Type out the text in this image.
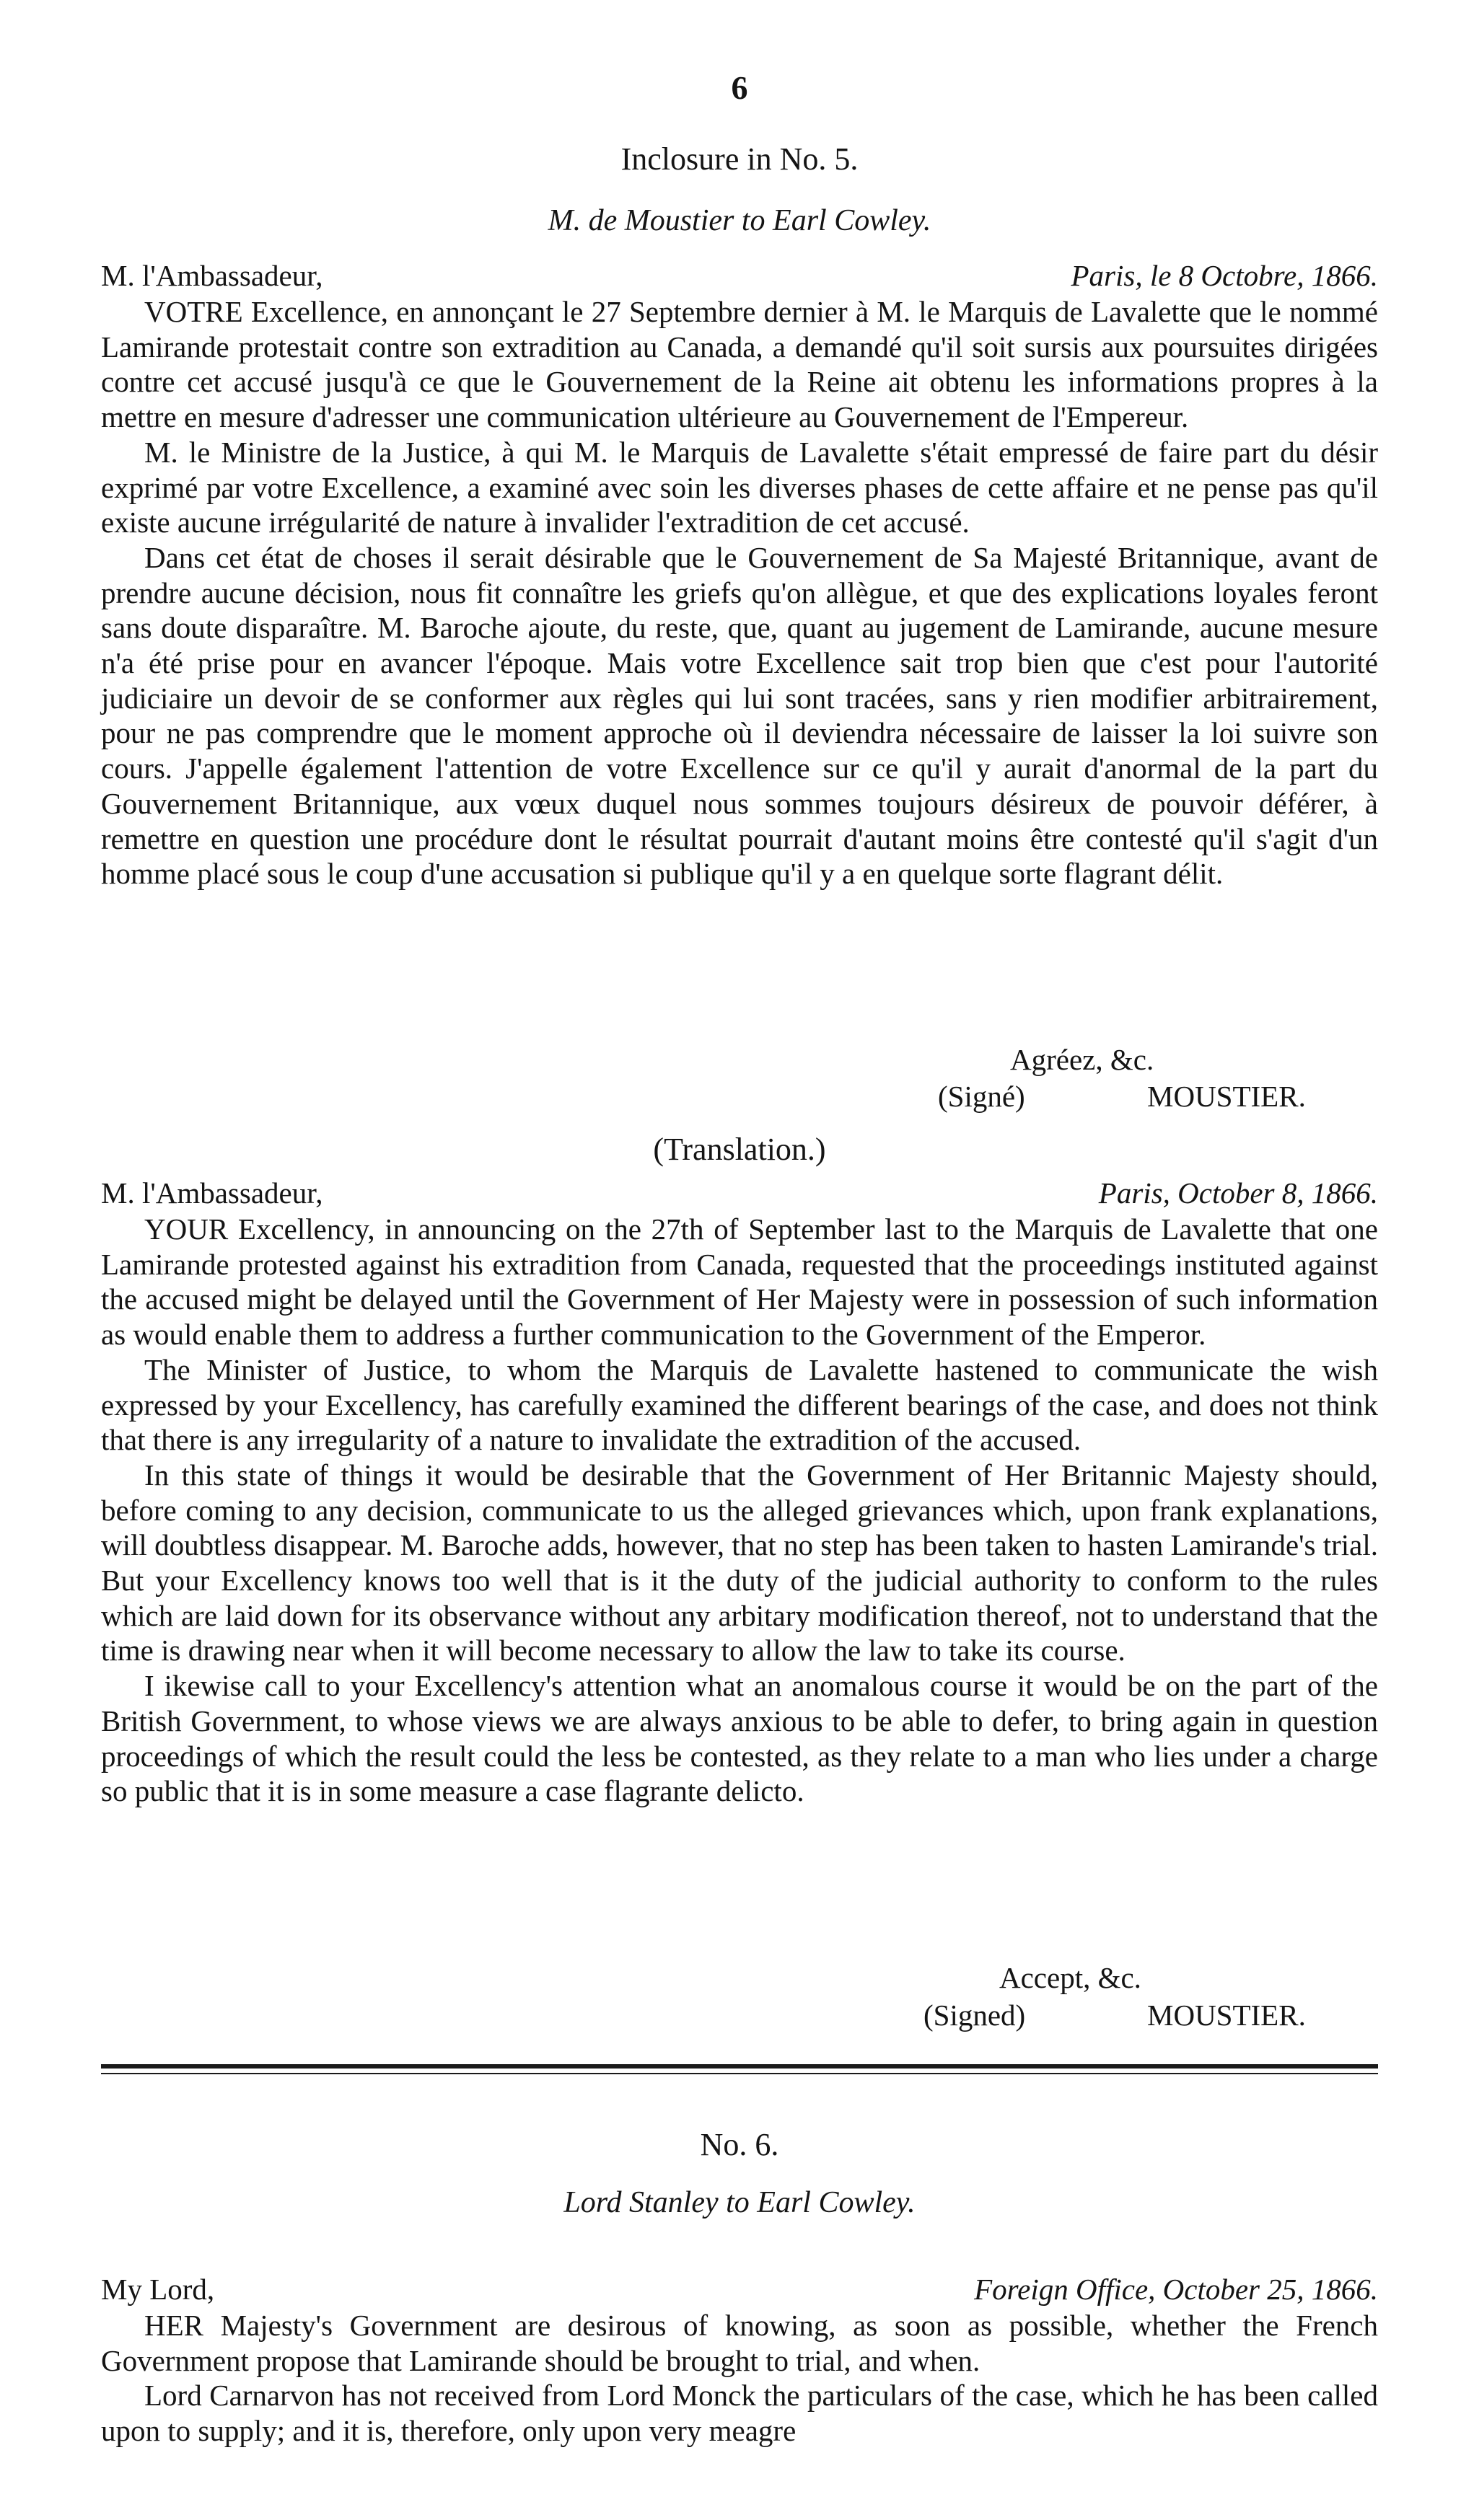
6
Inclosure in No. 5.
M. de Moustier to Earl Cowley.
M. l'Ambassadeur,	Paris, le 8 Octobre, 1866.

VOTRE Excellence, en annonçant le 27 Septembre dernier à M. le Marquis de Lavalette que le nommé Lamirande protestait contre son extradition au Canada, a demandé qu'il soit sursis aux poursuites dirigées contre cet accusé jusqu'à ce que le Gouvernement de la Reine ait obtenu les informations propres à la mettre en mesure d'adresser une communication ultérieure au Gouvernement de l'Empereur.

M. le Ministre de la Justice, à qui M. le Marquis de Lavalette s'était empressé de faire part du désir exprimé par votre Excellence, a examiné avec soin les diverses phases de cette affaire et ne pense pas qu'il existe aucune irrégularité de nature à invalider l'extradition de cet accusé.

Dans cet état de choses il serait désirable que le Gouvernement de Sa Majesté Britannique, avant de prendre aucune décision, nous fit connaître les griefs qu'on allègue, et que des explications loyales feront sans doute disparaître. M. Baroche ajoute, du reste, que, quant au jugement de Lamirande, aucune mesure n'a été prise pour en avancer l'époque. Mais votre Excellence sait trop bien que c'est pour l'autorité judiciaire un devoir de se conformer aux règles qui lui sont tracées, sans y rien modifier arbitrairement, pour ne pas comprendre que le moment approche où il deviendra nécessaire de laisser la loi suivre son cours. J'appelle également l'attention de votre Excellence sur ce qu'il y aurait d'anormal de la part du Gouvernement Britannique, aux vœux duquel nous sommes toujours désireux de pouvoir déférer, à remettre en question une procédure dont le résultat pourrait d'autant moins être contesté qu'il s'agit d'un homme placé sous le coup d'une accusation si publique qu'il y a en quelque sorte flagrant délit.

Agréez, &c.
(Signé)	MOUSTIER.
(Translation.)
M. l'Ambassadeur,	Paris, October 8, 1866.

YOUR Excellency, in announcing on the 27th of September last to the Marquis de Lavalette that one Lamirande protested against his extradition from Canada, requested that the proceedings instituted against the accused might be delayed until the Government of Her Majesty were in possession of such information as would enable them to address a further communication to the Government of the Emperor.

The Minister of Justice, to whom the Marquis de Lavalette hastened to communicate the wish expressed by your Excellency, has carefully examined the different bearings of the case, and does not think that there is any irregularity of a nature to invalidate the extradition of the accused.

In this state of things it would be desirable that the Government of Her Britannic Majesty should, before coming to any decision, communicate to us the alleged grievances which, upon frank explanations, will doubtless disappear. M. Baroche adds, however, that no step has been taken to hasten Lamirande's trial. But your Excellency knows too well that is it the duty of the judicial authority to conform to the rules which are laid down for its observance without any arbitary modification thereof, not to understand that the time is drawing near when it will become necessary to allow the law to take its course.

I ikewise call to your Excellency's attention what an anomalous course it would be on the part of the British Government, to whose views we are always anxious to be able to defer, to bring again in question proceedings of which the result could the less be contested, as they relate to a man who lies under a charge so public that it is in some measure a case flagrante delicto.

Accept, &c.
(Signed)	MOUSTIER.
No. 6.
Lord Stanley to Earl Cowley.
My Lord,	Foreign Office, October 25, 1866.

HER Majesty's Government are desirous of knowing, as soon as possible, whether the French Government propose that Lamirande should be brought to trial, and when.

Lord Carnarvon has not received from Lord Monck the particulars of the case, which he has been called upon to supply; and it is, therefore, only upon very meagre
